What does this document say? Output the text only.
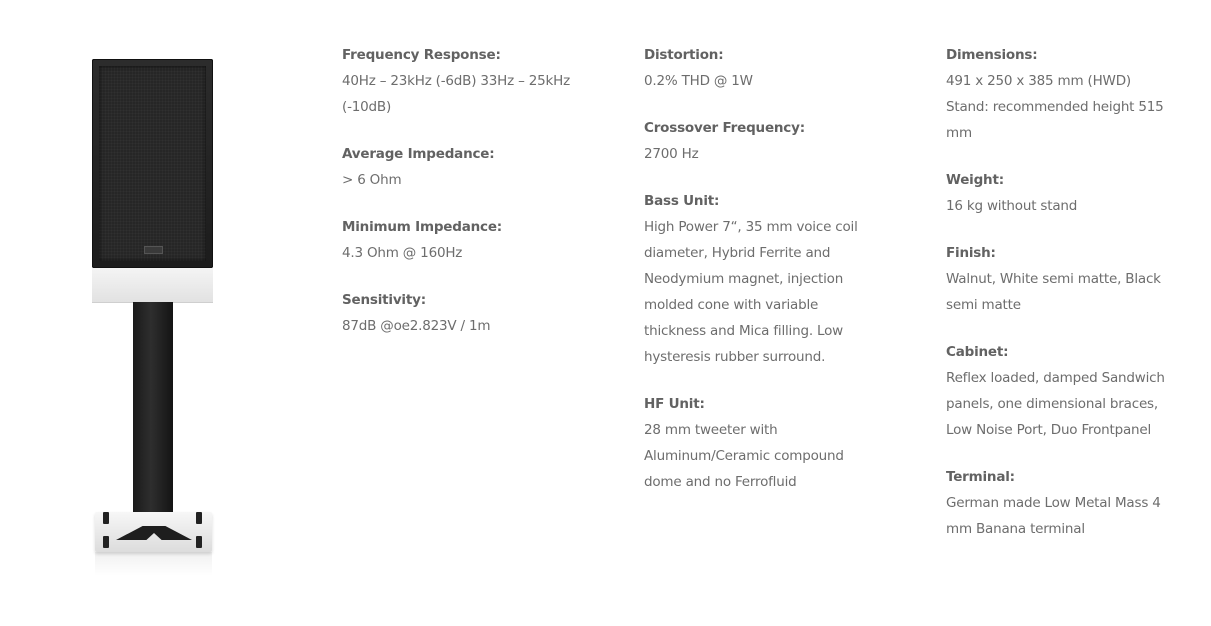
Frequency Response:

40Hz – 23kHz (-6dB) 33Hz – 25kHz (-10dB)

Average Impedance:

> 6 Ohm

Minimum Impedance:

4.3 Ohm @ 160Hz

Sensitivity:

87dB @oe2.823V / 1m

Distortion:

0.2% THD @ 1W

Crossover Frequency:

2700 Hz

Bass Unit:

High Power 7“, 35 mm voice coil diameter, Hybrid Ferrite and Neodymium magnet, injection molded cone with variable thickness and Mica filling. Low hysteresis rubber surround.

HF Unit:

28 mm tweeter with Aluminum/Ceramic compound dome and no Ferrofluid

Dimensions:

491 x 250 x 385 mm (HWD) Stand: recommended height 515 mm

Weight:

16 kg without stand

Finish:

Walnut, White semi matte, Black semi matte

Cabinet:

Reflex loaded, damped Sandwich panels, one dimensional braces, Low Noise Port, Duo Frontpanel

Terminal:

German made Low Metal Mass 4 mm Banana terminal
